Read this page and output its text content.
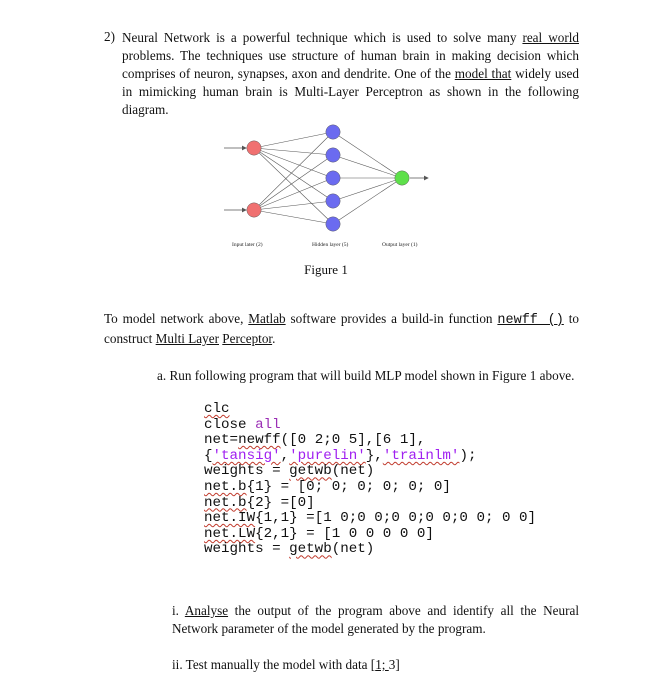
2) Neural Network is a powerful technique which is used to solve many real world problems. The techniques use structure of human brain in making decision which comprises of neuron, synapses, axon and dendrite. One of the model that widely used in mimicking human brain is Multi-Layer Perceptron as shown in the following diagram.
Input later (2)	Hidden layer (5)	Output layer (1)
Figure 1
To model network above, Matlab software provides a build-in function newff () to construct Multi Layer Perceptor.
a. Run following program that will build MLP model shown in Figure 1 above.
clc
close all
net=newff([0 2;0 5],[6 1],
{'tansig','purelin'},'trainlm');
weights = getwb(net)
net.b{1} = [0; 0; 0; 0; 0; 0]
net.b{2} =[0]
net.IW{1,1} =[1 0;0 0;0 0;0 0;0 0; 0 0]
net.LW{2,1} = [1 0 0 0 0 0]
weights = getwb(net)
i. Analyse the output of the program above and identify all the Neural Network parameter of the model generated by the program.
ii. Test manually the model with data [1; 3]
